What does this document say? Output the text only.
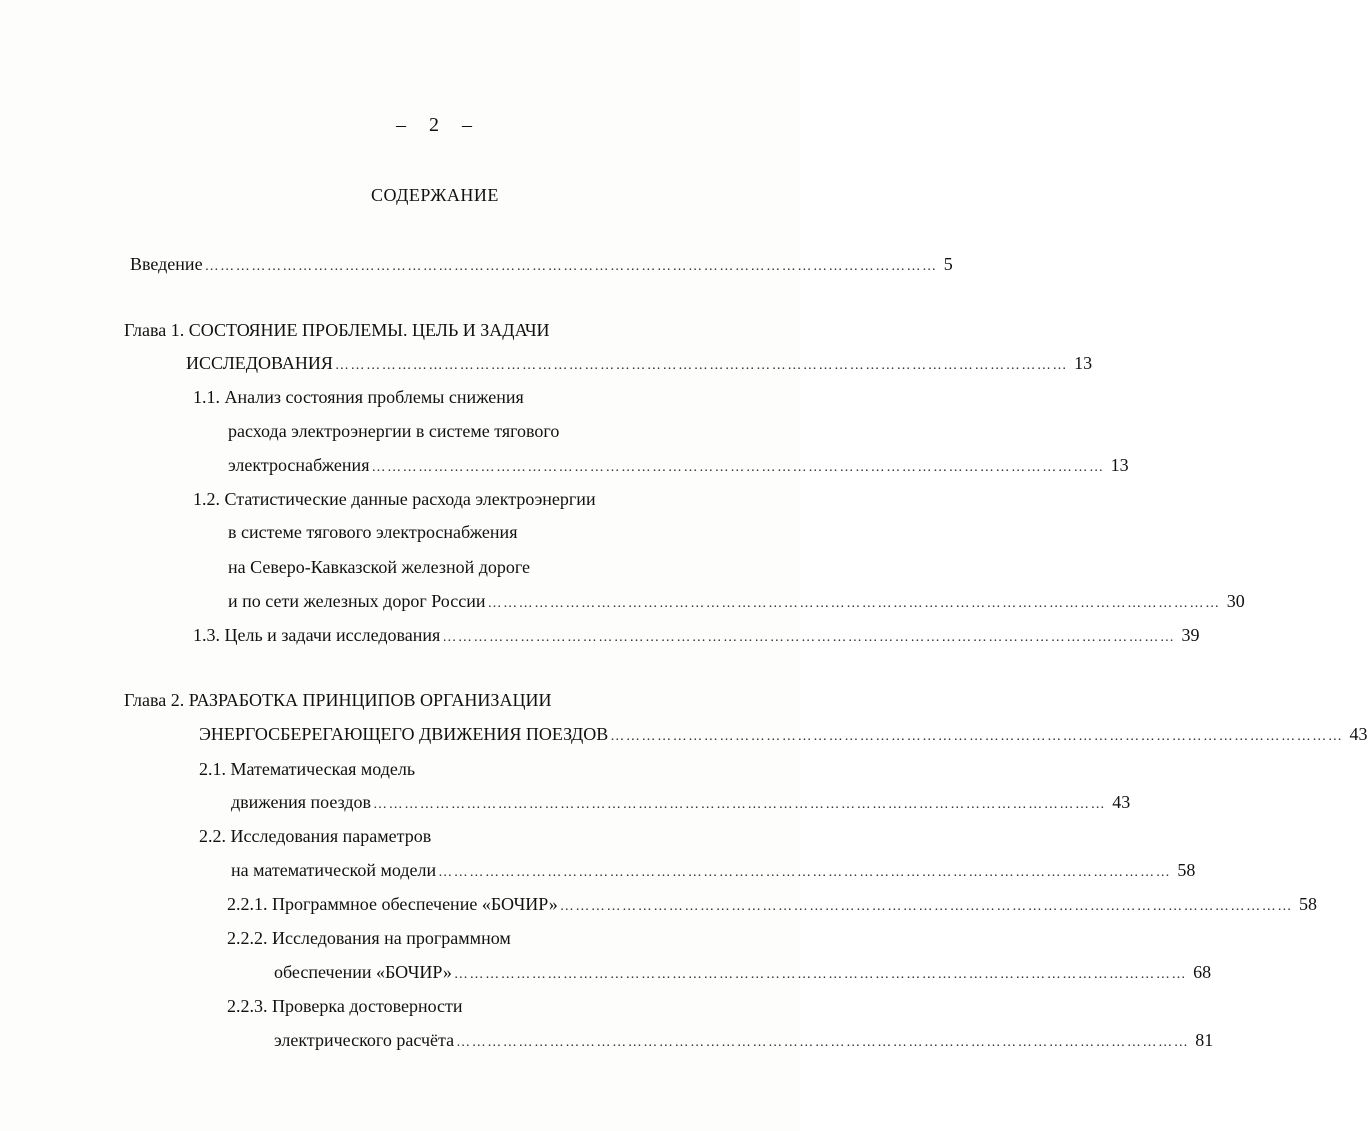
–   2   –
СОДЕРЖАНИЕ
Введение …………………………………………………………………………………………………………………………… 5
Глава 1. СОСТОЯНИЕ ПРОБЛЕМЫ. ЦЕЛЬ И ЗАДАЧИ
ИССЛЕДОВАНИЯ …………………………………………………………………………………………………………………………… 13
1.1. Анализ состояния проблемы снижения
расхода электроэнергии в системе тягового
электроснабжения …………………………………………………………………………………………………………………………… 13
1.2. Статистические данные расхода электроэнергии
в системе тягового электроснабжения
на Северо-Кавказской железной дороге
и по сети железных дорог России …………………………………………………………………………………………………………………………… 30
1.3. Цель и задачи исследования …………………………………………………………………………………………………………………………… 39
Глава 2. РАЗРАБОТКА ПРИНЦИПОВ ОРГАНИЗАЦИИ
ЭНЕРГОСБЕРЕГАЮЩЕГО ДВИЖЕНИЯ ПОЕЗДОВ …………………………………………………………………………………………………………………………… 43
2.1. Математическая модель
движения поездов …………………………………………………………………………………………………………………………… 43
2.2. Исследования параметров
на математической модели …………………………………………………………………………………………………………………………… 58
2.2.1. Программное обеспечение «БОЧИР» …………………………………………………………………………………………………………………………… 58
2.2.2. Исследования на программном
обеспечении «БОЧИР» …………………………………………………………………………………………………………………………… 68
2.2.3. Проверка достоверности
электрического расчёта …………………………………………………………………………………………………………………………… 81
